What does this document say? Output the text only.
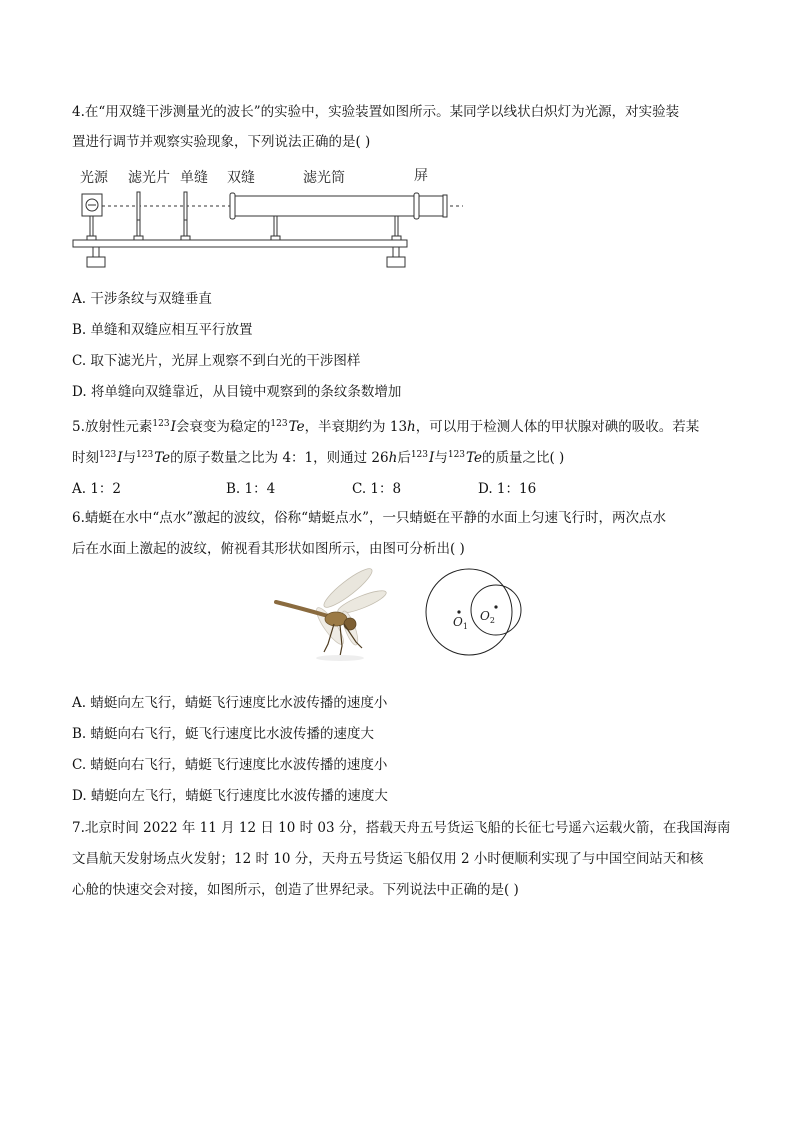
4.在“用双缝干涉测量光的波长”的实验中，实验装置如图所示。某同学以线状白炽灯为光源，对实验装
置进行调节并观察实验现象，下列说法正确的是( )
光源 滤光片 单缝 双缝	滤光筒	屏
A. 干涉条纹与双缝垂直
B. 单缝和双缝应相互平行放置
C. 取下滤光片，光屏上观察不到白光的干涉图样
D. 将单缝向双缝靠近，从目镜中观察到的条纹条数增加
5.放射性元素$^{123}$I会衰变为稳定的$^{123}$Te，半衰期约为 13h，可以用于检测人体的甲状腺对碘的吸收。若某
时刻$^{123}$I与$^{123}$Te的原子数量之比为 4：1，则通过 26h后$^{123}$I与$^{123}$Te的质量之比( )
A. 1：2	B. 1：4	C. 1：8	D. 1：16
6.蜻蜓在水中“点水”激起的波纹，俗称“蜻蜓点水”，一只蜻蜓在平静的水面上匀速飞行时，两次点水
后在水面上激起的波纹，俯视看其形状如图所示，由图可分析出( )
$O_1$
$O_2$
A. 蜻蜓向左飞行，蜻蜓飞行速度比水波传播的速度小
B. 蜻蜓向右飞行，蜓飞行速度比水波传播的速度大
C. 蜻蜓向右飞行，蜻蜓飞行速度比水波传播的速度小
D. 蜻蜓向左飞行，蜻蜓飞行速度比水波传播的速度大
7.北京时间 2022 年 11 月 12 日 10 时 03 分，搭载天舟五号货运飞船的长征七号遥六运载火箭，在我国海南
文昌航天发射场点火发射；12 时 10 分，天舟五号货运飞船仅用 2 小时便顺利实现了与中国空间站天和核
心舱的快速交会对接，如图所示，创造了世界纪录。下列说法中正确的是( )
